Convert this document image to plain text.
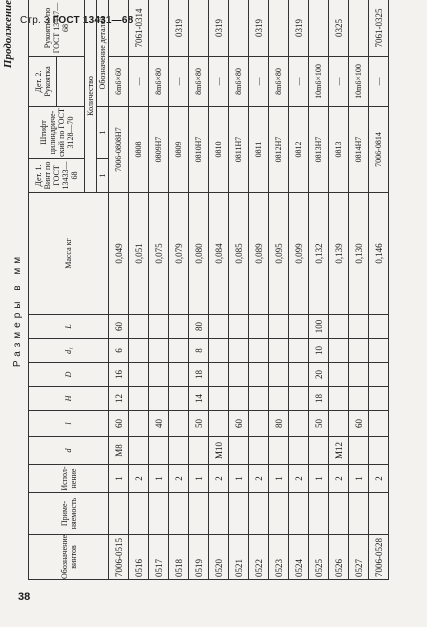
Стр. 3 ГОСТ 13431—68
Продолжение
Размеры в мм
Обозначение винтов	Приме- няемость	Испол- нение	d	l	H	D	d₁	L	Масса кг	Дет. 1. Винт по ГОСТ 13433—68	Штифт цилиндриче- ский по ГОСТ 3128—70	Дет. 2. Рукоятка	Рукоятка по ГОСТ 13447—68

										Количество			
										1	1	Обозначение деталей	
7006-0515		1	M8	60	12	16	6	60	0,049	7006-0808H7		6m6×60	
0516		2							0,051	0808		—	7061-0314
0517		1		40					0,075	0809H7		8m6×80	
0518		2							0,079	0809		—	0319
0519		1		50	14	18	8	80	0,080	0810H7		8m6×80	
0520		2	M10						0,084	0810		—	0319
0521		1		60					0,085	0811H7		8m6×80	
0522		2							0,089	0811		—	0319
0523		1		80					0,095	0812H7		8m6×80	
0524		2							0,099	0812		—	0319
0525		1		50	18	20	10	100	0,132	0813H7		10m6×100	
0526		2	M12						0,139	0813		—	0325
0527		1		60					0,130	0814H7		10m6×100	
7006-0528		2							0,146	7006-0814		—	7061-0325
38
